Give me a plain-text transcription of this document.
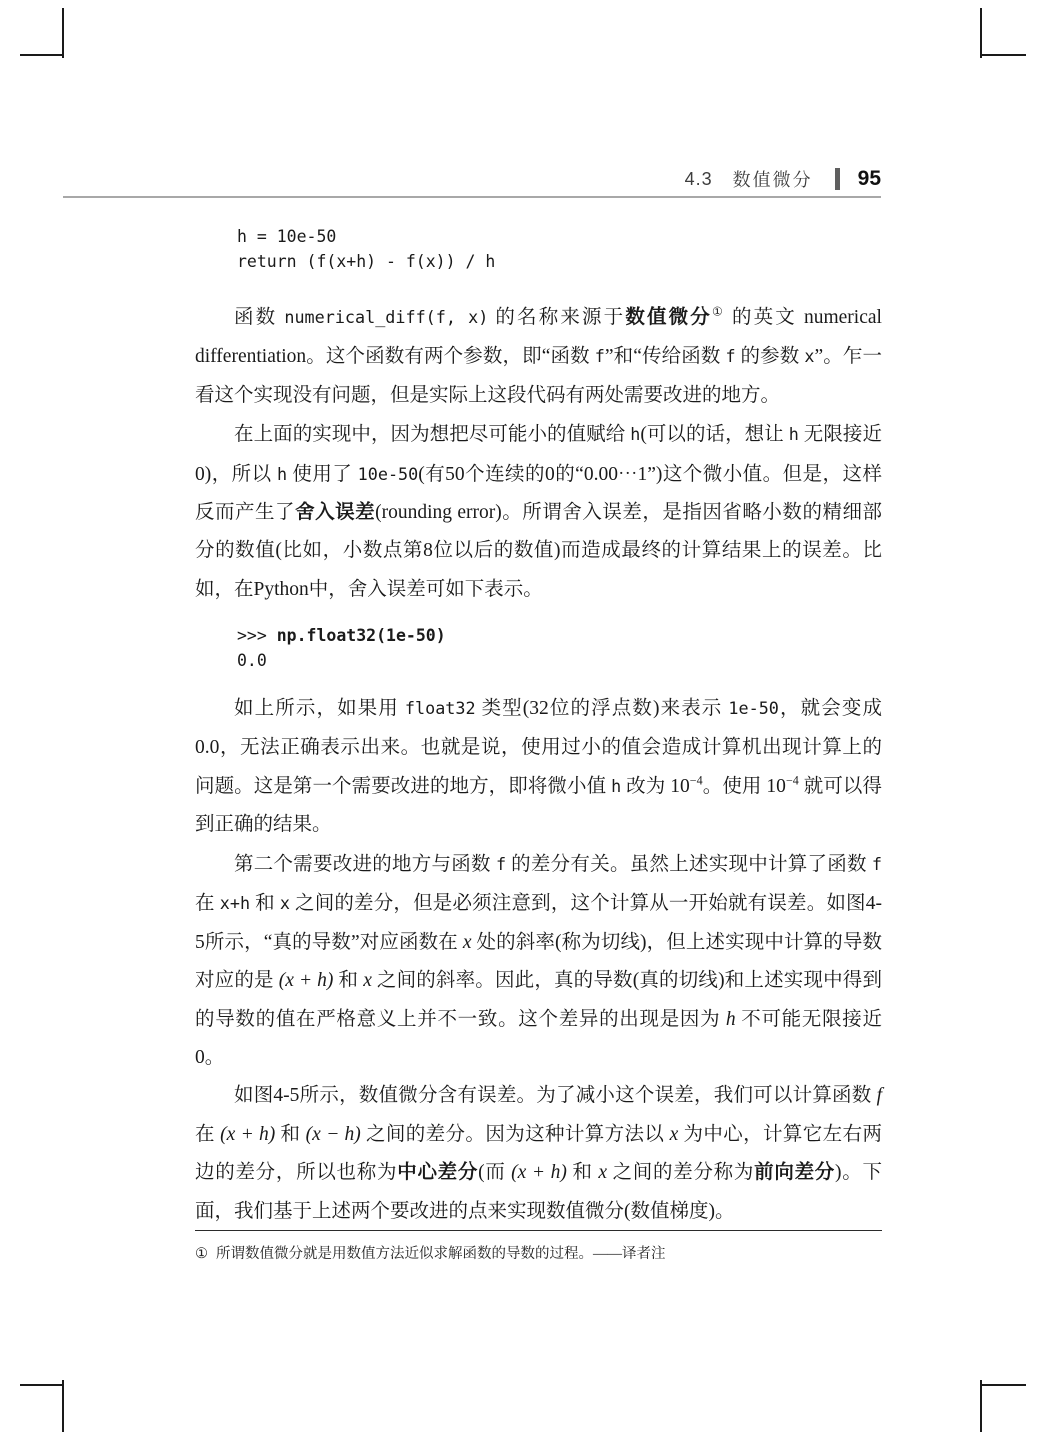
4.3 数值微分 95
h = 10e-50
return (f(x+h) - f(x)) / h

函数 numerical_diff(f, x) 的名称来源于数值微分① 的英文 numerical differentiation。这个函数有两个参数，即“函数 f”和“传给函数 f 的参数 x”。乍一看这个实现没有问题，但是实际上这段代码有两处需要改进的地方。

在上面的实现中，因为想把尽可能小的值赋给 h(可以的话，想让 h 无限接近0)，所以 h 使用了 10e-50(有50个连续的0的“0.00⋯1”)这个微小值。但是，这样反而产生了舍入误差(rounding error)。所谓舍入误差，是指因省略小数的精细部分的数值(比如，小数点第8位以后的数值)而造成最终的计算结果上的误差。比如，在Python中，舍入误差可如下表示。

>>> np.float32(1e-50)
0.0

如上所示，如果用 float32 类型(32位的浮点数)来表示 1e-50，就会变成0.0，无法正确表示出来。也就是说，使用过小的值会造成计算机出现计算上的问题。这是第一个需要改进的地方，即将微小值 h 改为 $10^{-4}$。使用 $10^{-4}$ 就可以得到正确的结果。

第二个需要改进的地方与函数 f 的差分有关。虽然上述实现中计算了函数 f 在 x+h 和 x 之间的差分，但是必须注意到，这个计算从一开始就有误差。如图4-5所示，“真的导数”对应函数在 x 处的斜率(称为切线)，但上述实现中计算的导数对应的是 (x + h) 和 x 之间的斜率。因此，真的导数(真的切线)和上述实现中得到的导数的值在严格意义上并不一致。这个差异的出现是因为 h 不可能无限接近0。

如图4-5所示，数值微分含有误差。为了减小这个误差，我们可以计算函数 f 在 (x + h) 和 (x − h) 之间的差分。因为这种计算方法以 x 为中心，计算它左右两边的差分，所以也称为中心差分(而 (x + h) 和 x 之间的差分称为前向差分)。下面，我们基于上述两个要改进的点来实现数值微分(数值梯度)。

① 所谓数值微分就是用数值方法近似求解函数的导数的过程。——译者注
